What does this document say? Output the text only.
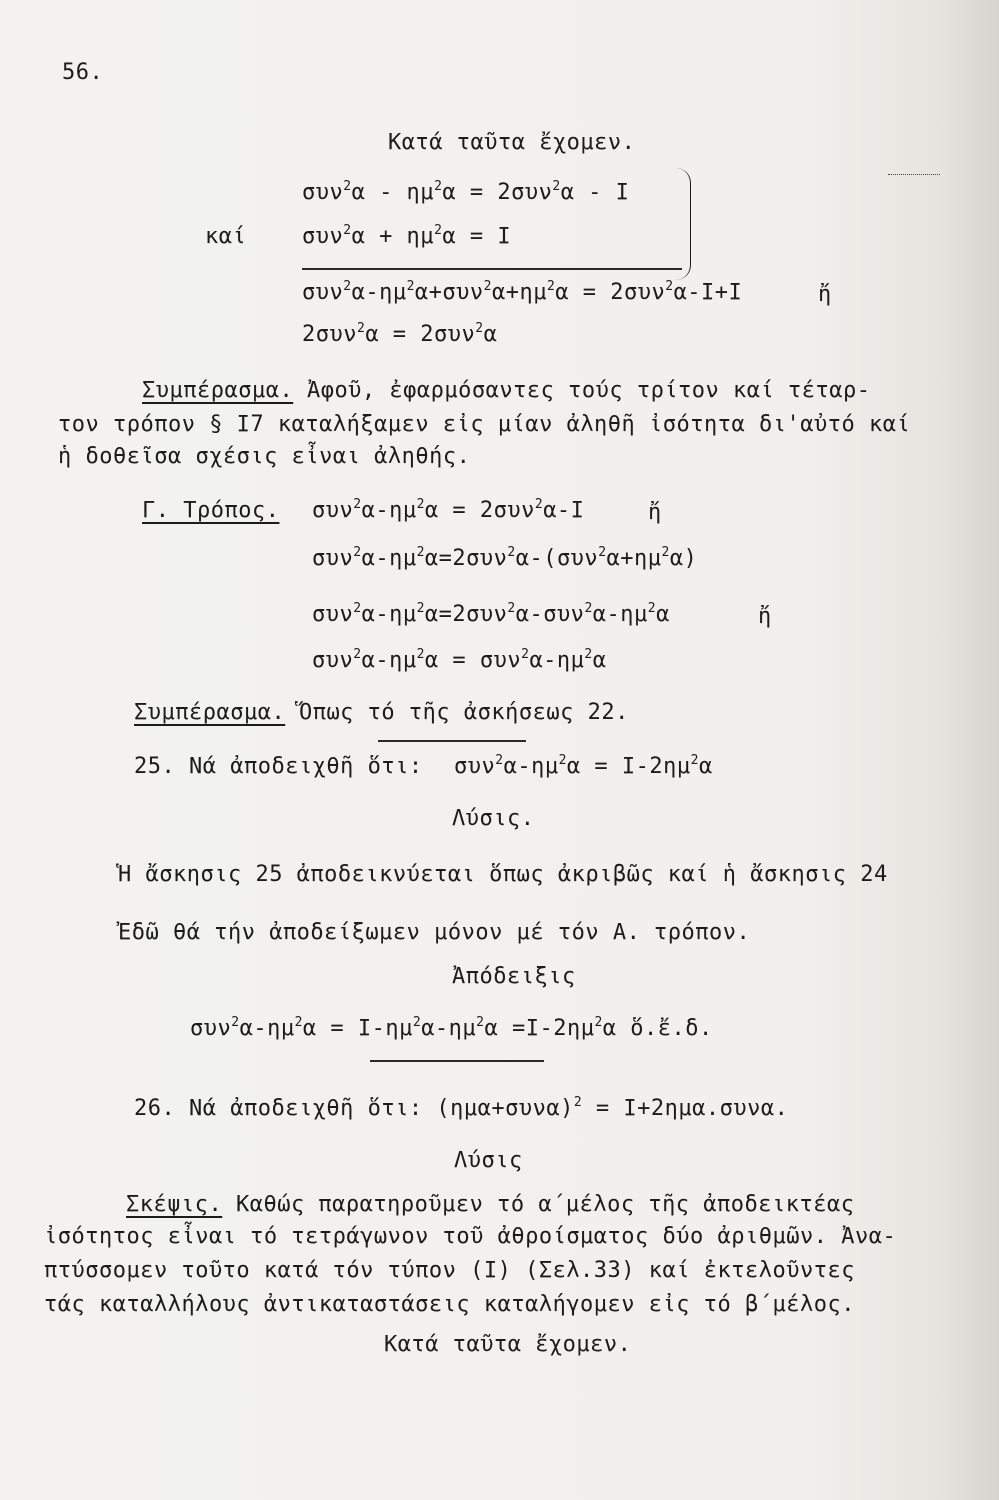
56.
Κατά ταῦτα ἔχομεν.
$\sigma\upsilon\nu^2\alpha - \eta\mu^2\alpha = 2\sigma\upsilon\nu^2\alpha - I$
καί	$\sigma\upsilon\nu^2\alpha + \eta\mu^2\alpha = I$
$\sigma\upsilon\nu^2\alpha-\eta\mu^2\alpha+\sigma\upsilon\nu^2\alpha+\eta\mu^2\alpha = 2\sigma\upsilon\nu^2\alpha-I+I$	ἤ
2συν$^2$α = 2συν$^2$α
Συμπέρασμα. Ἀφοῦ, ἐφαρμόσαντες τούς τρίτον καί τέταρ-
τον τρόπον § Ι7 καταλήξαμεν εἰς μίαν ἀληθῆ ἰσότητα δι'αὐτό καί
ἡ δοθεῖσα σχέσις εἶναι ἀληθής.
Γ. Τρόπος. $\sigma\upsilon\nu^2\alpha-\eta\mu^2\alpha = 2\sigma\upsilon\nu^2\alpha-I$	ἤ
$\sigma\upsilon\nu^2\alpha-\eta\mu^2\alpha=2\sigma\upsilon\nu^2\alpha-(\sigma\upsilon\nu^2\alpha+\eta\mu^2\alpha)$
$\sigma\upsilon\nu^2\alpha-\eta\mu^2\alpha=2\sigma\upsilon\nu^2\alpha-\sigma\upsilon\nu^2\alpha-\eta\mu^2\alpha$	ἤ
$\sigma\upsilon\nu^2\alpha-\eta\mu^2\alpha = \sigma\upsilon\nu^2\alpha-\eta\mu^2\alpha$
Συμπέρασμα. Ὅπως τό τῆς ἀσκήσεως 22.
25. Νά ἀποδειχθῆ ὅτι: $\sigma\upsilon\nu^2\alpha-\eta\mu^2\alpha = I-2\eta\mu^2\alpha$
Λύσις.
Ἡ ἄσκησις 25 ἀποδεικνύεται ὅπως ἀκριβῶς καί ἡ ἄσκησις 24
Ἐδῶ θά τήν ἀποδείξωμεν μόνον μέ τόν Α. τρόπον.
Ἀπόδειξις
$\sigma\upsilon\nu^2\alpha-\eta\mu^2\alpha = I-\eta\mu^2\alpha-\eta\mu^2\alpha =I-2\eta\mu^2\alpha$ ὅ.ἔ.δ.
26. Νά ἀποδειχθῆ ὅτι: $(\eta\mu\alpha+\sigma\upsilon\nu\alpha)^2 = I+2\eta\mu\alpha.\sigma\upsilon\nu\alpha$.
Λύσις
Σκέψις. Καθώς παρατηροῦμεν τό α΄μέλος τῆς ἀποδεικτέας
ἰσότητος εἶναι τό τετράγωνον τοῦ ἀθροίσματος δύο ἀριθμῶν. Ἀνα-
πτύσσομεν τοῦτο κατά τόν τύπον (Ι) (Σελ.33) καί ἐκτελοῦντες
τάς καταλλήλους ἀντικαταστάσεις καταλήγομεν εἰς τό β΄μέλος.
Κατά ταῦτα ἔχομεν.
